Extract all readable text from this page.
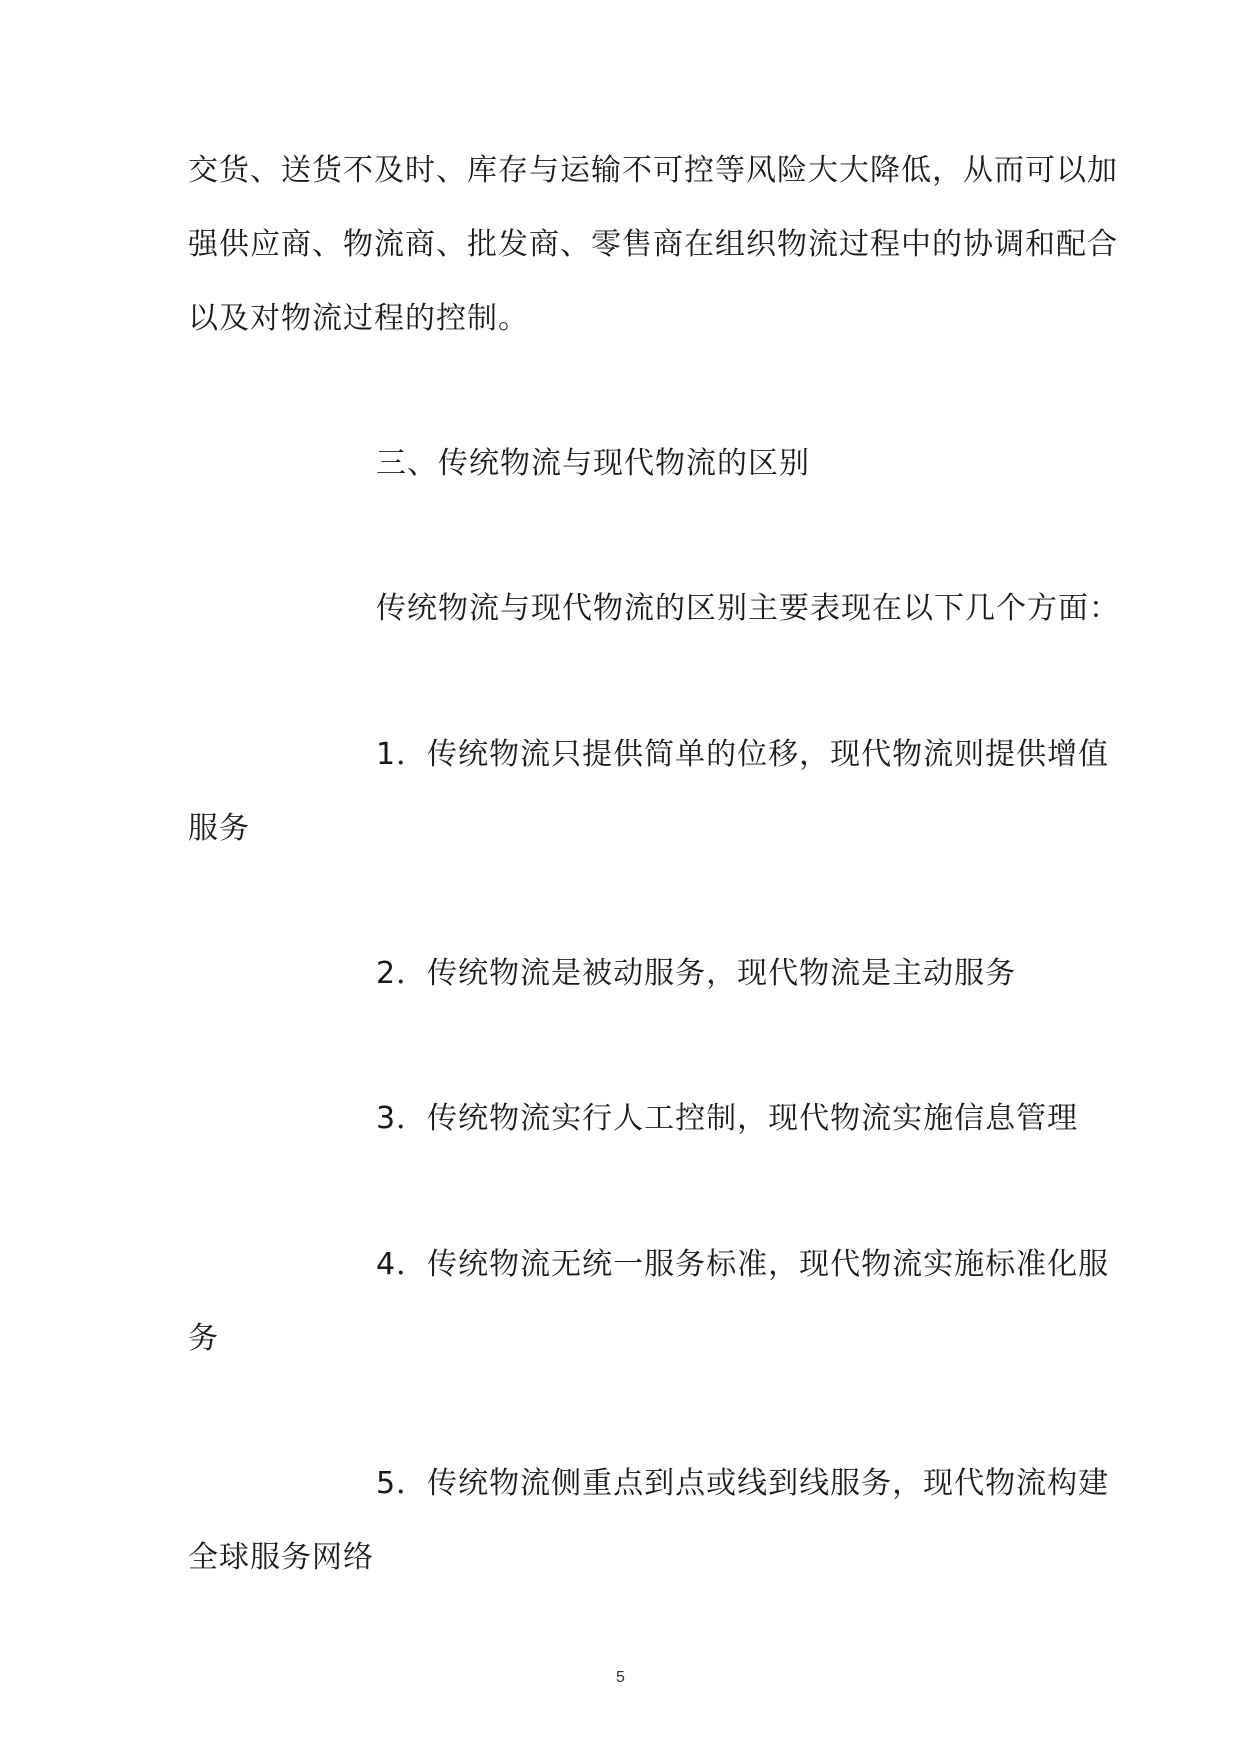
交货、送货不及时、库存与运输不可控等风险大大降低，从而可以加
强供应商、物流商、批发商、零售商在组织物流过程中的协调和配合
以及对物流过程的控制。
三、传统物流与现代物流的区别
传统物流与现代物流的区别主要表现在以下几个方面：
1．传统物流只提供简单的位移，现代物流则提供增值
服务
2．传统物流是被动服务，现代物流是主动服务
3．传统物流实行人工控制，现代物流实施信息管理
4．传统物流无统一服务标准，现代物流实施标准化服
务
5．传统物流侧重点到点或线到线服务，现代物流构建
全球服务网络
5
